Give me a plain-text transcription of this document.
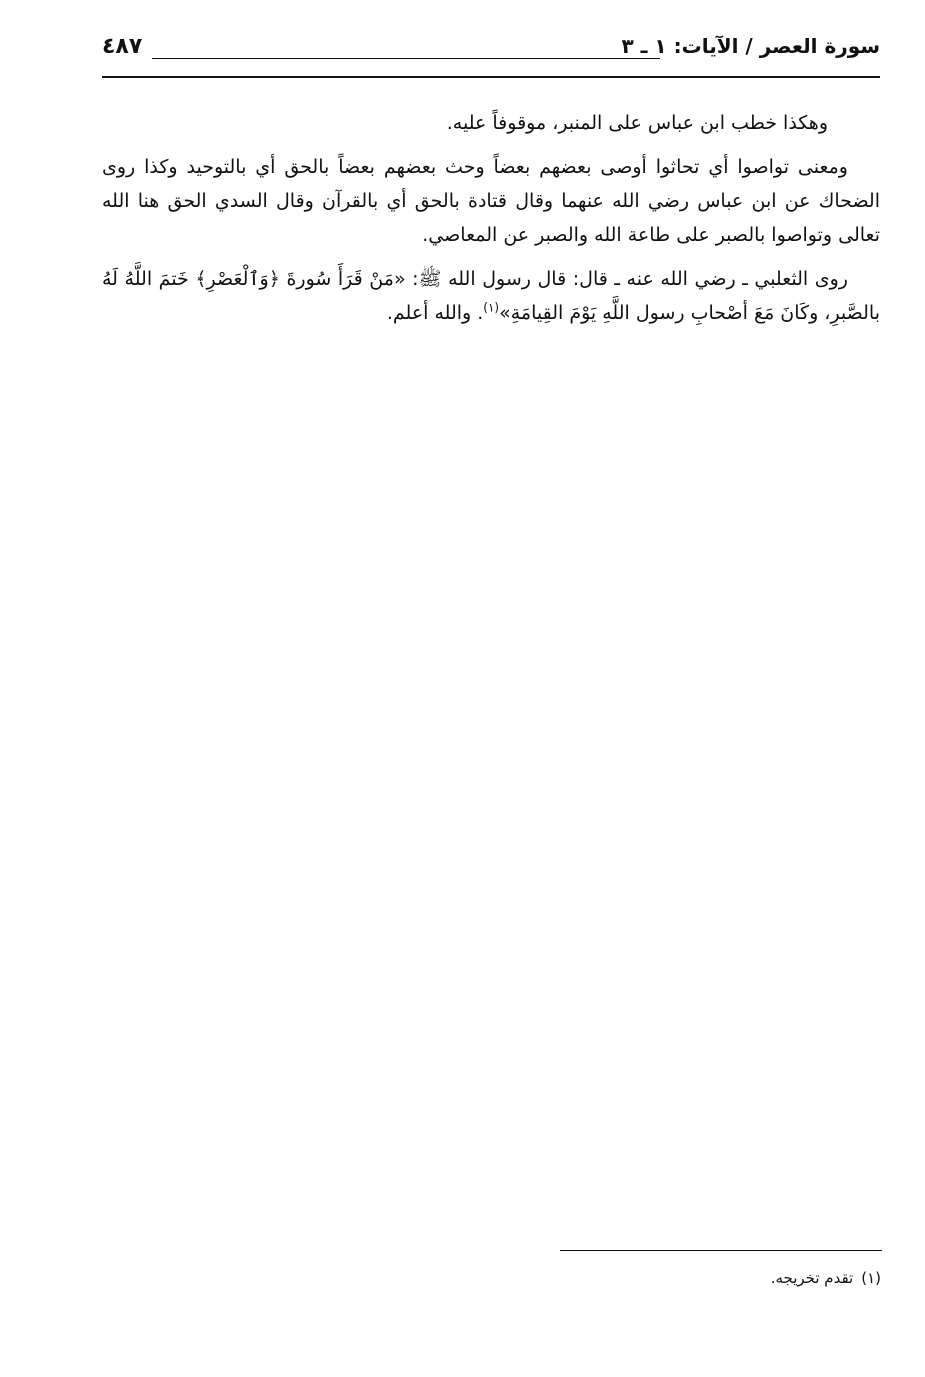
سورة العصر / الآيات: ١ ـ ٣
٤٨٧

وهكذا خطب ابن عباس على المنبر، موقوفاً عليه.

ومعنى تواصوا أي تحاثوا أوصى بعضهم بعضاً وحث بعضهم بعضاً بالحق أي بالتوحيد وكذا روى الضحاك عن ابن عباس رضي الله عنهما وقال قتادة بالحق أي بالقرآن وقال السدي الحق هنا الله تعالى وتواصوا بالصبر على طاعة الله والصبر عن المعاصي.

روى الثعلبي ـ رضي الله عنه ـ قال: قال رسول الله ﷺ: «مَنْ قَرَأَ سُورةَ ﴿وَٱلْعَصْرِ﴾ خَتمَ اللَّهُ لَهُ بالصَّبرِ، وكَانَ مَعَ أصْحابِ رسول اللَّهِ يَوْمَ القِيامَةِ»$^{(١)}$. والله أعلم.

(١)تقدم تخريجه.
